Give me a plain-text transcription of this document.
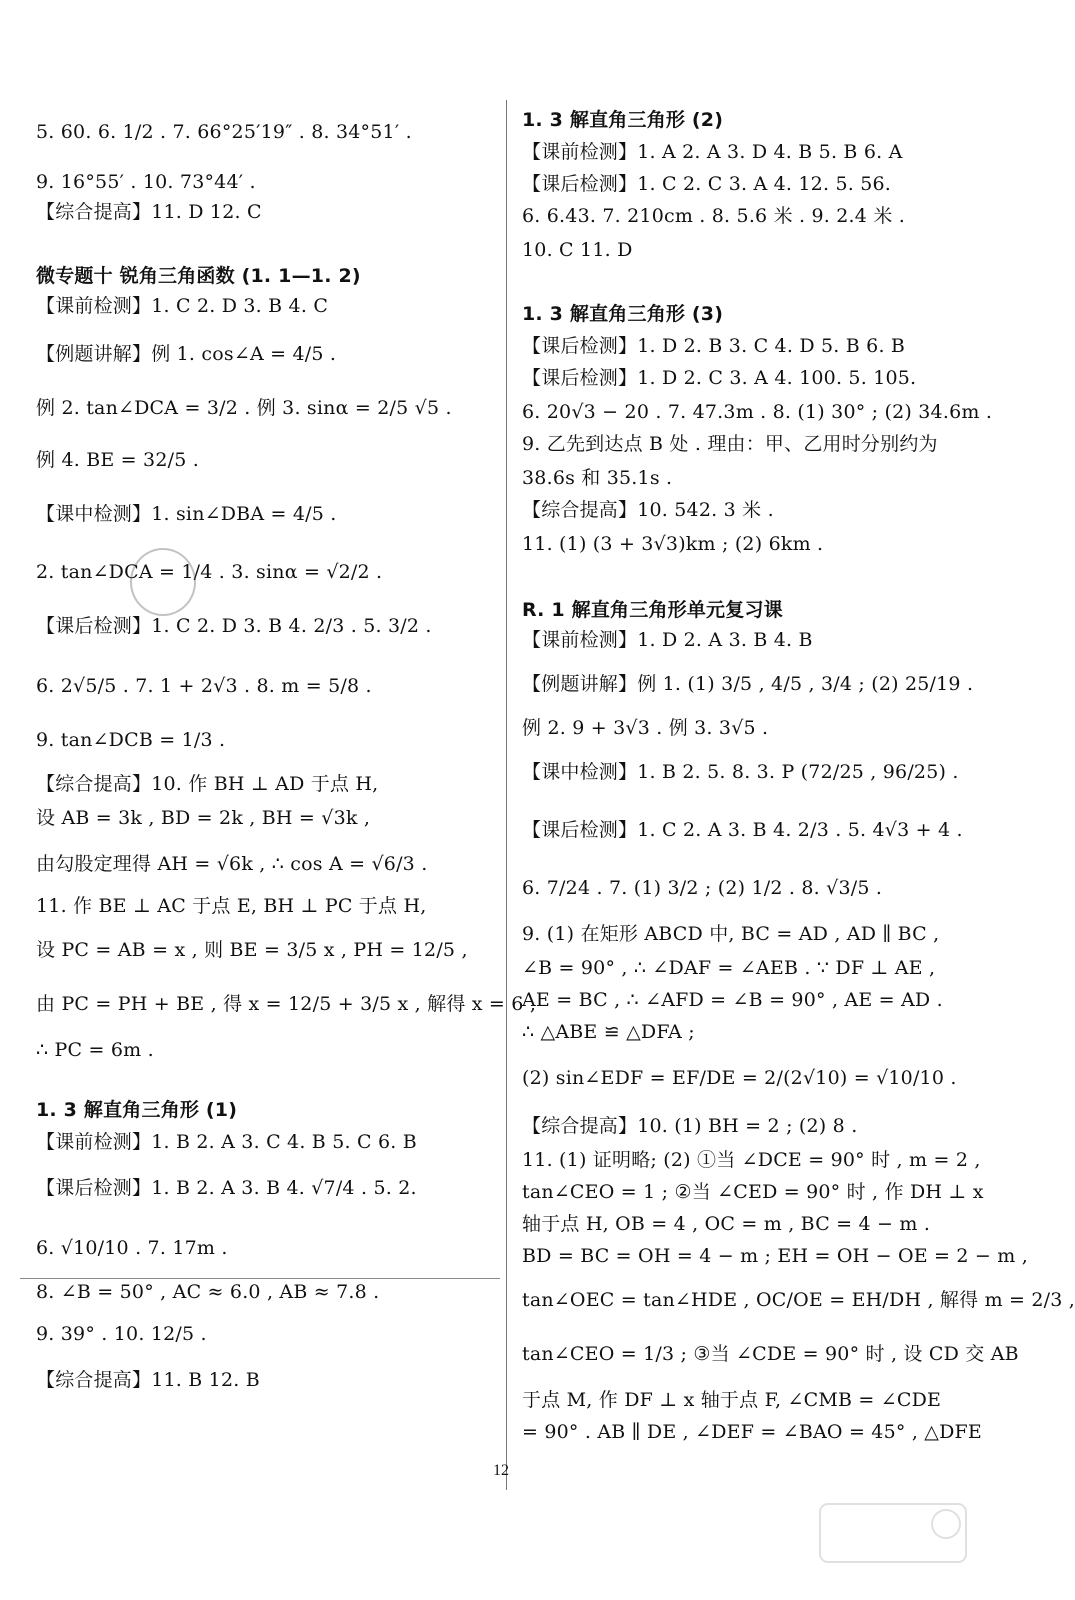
5. 60. 6. 1/2 . 7. 66°25′19″ . 8. 34°51′ .
9. 16°55′ . 10. 73°44′ .
【综合提高】11. D 12. C
微专题十 锐角三角函数 (1. 1—1. 2)
【课前检测】1. C 2. D 3. B 4. C
【例题讲解】例 1. cos∠A = 4/5 .
例 2. tan∠DCA = 3/2 . 例 3. sinα = 2/5 √5 .
例 4. BE = 32/5 .
【课中检测】1. sin∠DBA = 4/5 .
2. tan∠DCA = 1/4 . 3. sinα = √2/2 .
【课后检测】1. C 2. D 3. B 4. 2/3 . 5. 3/2 .
6. 2√5/5 . 7. 1 + 2√3 . 8. m = 5/8 .
9. tan∠DCB = 1/3 .
【综合提高】10. 作 BH ⊥ AD 于点 H,
设 AB = 3k , BD = 2k , BH = √3k ,
由勾股定理得 AH = √6k , ∴ cos A = √6/3 .
11. 作 BE ⊥ AC 于点 E, BH ⊥ PC 于点 H,
设 PC = AB = x , 则 BE = 3/5 x , PH = 12/5 ,
由 PC = PH + BE , 得 x = 12/5 + 3/5 x , 解得 x = 6 ,
∴ PC = 6m .
1. 3 解直角三角形 (1)
【课前检测】1. B 2. A 3. C 4. B 5. C 6. B
【课后检测】1. B 2. A 3. B 4. √7/4 . 5. 2.
6. √10/10 . 7. 17m .
8. ∠B = 50° , AC ≈ 6.0 , AB ≈ 7.8 .
9. 39° . 10. 12/5 .
【综合提高】11. B 12. B
1. 3 解直角三角形 (2)
【课前检测】1. A 2. A 3. D 4. B 5. B 6. A
【课后检测】1. C 2. C 3. A 4. 12. 5. 56.
6. 6.43. 7. 210cm . 8. 5.6 米 . 9. 2.4 米 .
10. C 11. D
1. 3 解直角三角形 (3)
【课后检测】1. D 2. B 3. C 4. D 5. B 6. B
【课后检测】1. D 2. C 3. A 4. 100. 5. 105.
6. 20√3 − 20 . 7. 47.3m . 8. (1) 30° ; (2) 34.6m .
9. 乙先到达点 B 处 . 理由：甲、乙用时分别约为
38.6s 和 35.1s .
【综合提高】10. 542. 3 米 .
11. (1) (3 + 3√3)km ; (2) 6km .
R. 1 解直角三角形单元复习课
【课前检测】1. D 2. A 3. B 4. B
【例题讲解】例 1. (1) 3/5 , 4/5 , 3/4 ; (2) 25/19 .
例 2. 9 + 3√3 . 例 3. 3√5 .
【课中检测】1. B 2. 5. 8. 3. P (72/25 , 96/25) .
【课后检测】1. C 2. A 3. B 4. 2/3 . 5. 4√3 + 4 .
6. 7/24 . 7. (1) 3/2 ; (2) 1/2 . 8. √3/5 .
9. (1) 在矩形 ABCD 中, BC = AD , AD ∥ BC ,
∠B = 90° , ∴ ∠DAF = ∠AEB . ∵ DF ⊥ AE ,
AE = BC , ∴ ∠AFD = ∠B = 90° , AE = AD .
∴ △ABE ≌ △DFA ;
(2) sin∠EDF = EF/DE = 2/(2√10) = √10/10 .
【综合提高】10. (1) BH = 2 ; (2) 8 .
11. (1) 证明略; (2) ①当 ∠DCE = 90° 时 , m = 2 ,
tan∠CEO = 1 ; ②当 ∠CED = 90° 时 , 作 DH ⊥ x
轴于点 H, OB = 4 , OC = m , BC = 4 − m .
BD = BC = OH = 4 − m ; EH = OH − OE = 2 − m ,
tan∠OEC = tan∠HDE , OC/OE = EH/DH , 解得 m = 2/3 ,
tan∠CEO = 1/3 ; ③当 ∠CDE = 90° 时 , 设 CD 交 AB
于点 M, 作 DF ⊥ x 轴于点 F, ∠CMB = ∠CDE
= 90° . AB ∥ DE , ∠DEF = ∠BAO = 45° , △DFE
12
